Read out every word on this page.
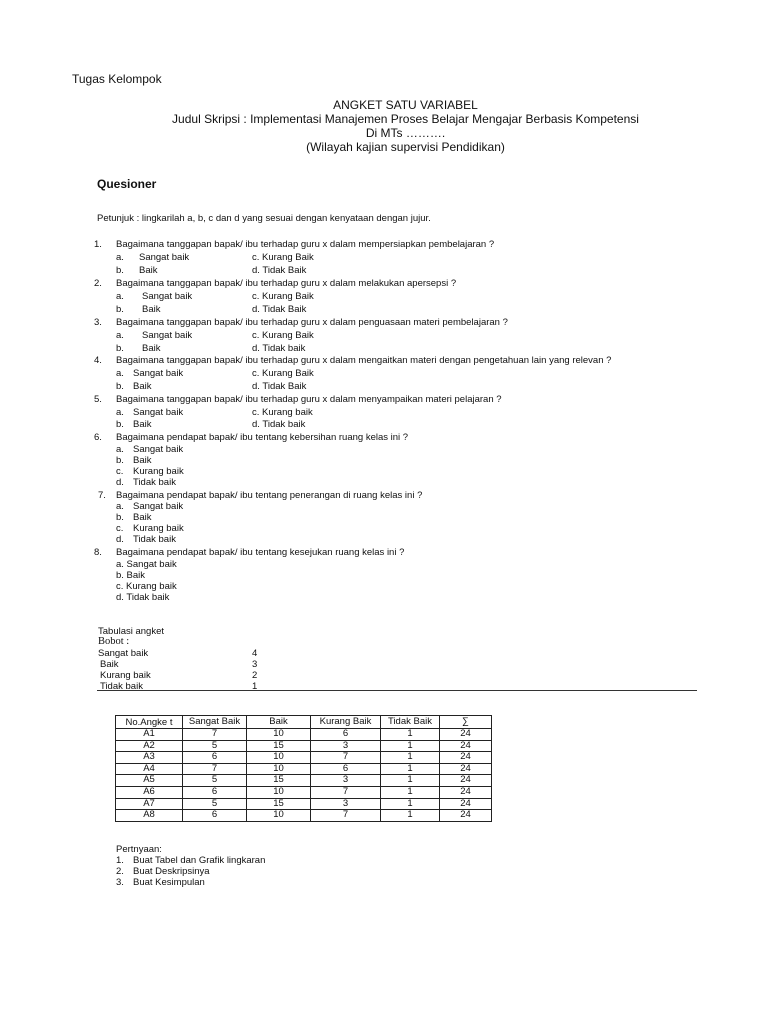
Tugas Kelompok
ANGKET SATU VARIABEL
Judul Skripsi : Implementasi Manajemen Proses Belajar Mengajar Berbasis Kompetensi
Di MTs ……….
(Wilayah kajian supervisi Pendidikan)
Quesioner
Petunjuk : lingkarilah a, b, c dan d yang sesuai dengan kenyataan dengan jujur.
1. Bagaimana tanggapan bapak/ ibu terhadap guru x dalam mempersiapkan pembelajaran ?
a. Sangat baik	c. Kurang Baik
b. Baik	d. Tidak Baik
2. Bagaimana tanggapan bapak/ ibu terhadap guru x dalam melakukan apersepsi ?
a. Sangat baik	c. Kurang Baik
b. Baik	d. Tidak Baik
3. Bagaimana tanggapan bapak/ ibu terhadap guru x dalam penguasaan materi pembelajaran ?
a. Sangat baik	c. Kurang Baik
b. Baik	d. Tidak baik
4. Bagaimana tanggapan bapak/ ibu terhadap guru x dalam mengaitkan materi dengan pengetahuan lain yang relevan ?
a. Sangat baik	c. Kurang Baik
b. Baik	d. Tidak Baik
5. Bagaimana tanggapan bapak/ ibu terhadap guru x dalam menyampaikan materi pelajaran ?
a. Sangat baik	c. Kurang baik
b. Baik	d. Tidak baik
6. Bagaimana pendapat bapak/ ibu tentang kebersihan ruang kelas ini ?
a. Sangat baik
b. Baik
c. Kurang baik
d. Tidak baik
7. Bagaimana pendapat bapak/ ibu tentang penerangan di ruang kelas ini ?
a. Sangat baik
b. Baik
c. Kurang baik
d. Tidak baik
8. Bagaimana pendapat bapak/ ibu tentang kesejukan ruang kelas ini ?
a. Sangat baik
b. Baik
c. Kurang baik
d. Tidak baik
Tabulasi angket
Bobot :
Sangat baik	4
Baik	3
Kurang baik	2
Tidak baik	1
No.Angke t	Sangat Baik	Baik	Kurang Baik	Tidak Baik	∑
A1	7	10	6	1	24
A2	5	15	3	1	24
A3	6	10	7	1	24
A4	7	10	6	1	24
A5	5	15	3	1	24
A6	6	10	7	1	24
A7	5	15	3	1	24
A8	6	10	7	1	24
Pertnyaan:
1. Buat Tabel dan Grafik lingkaran
2. Buat Deskripsinya
3. Buat Kesimpulan
